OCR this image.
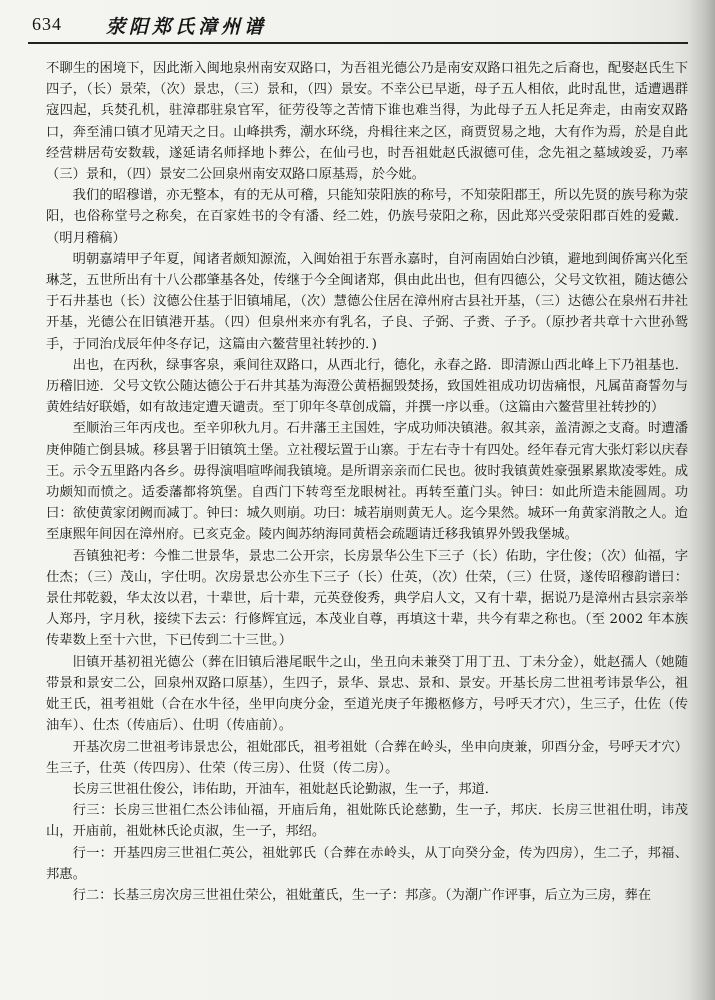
634 荥阳郑氏漳州谱

不聊生的困境下，因此渐入闽地泉州南安双路口，为吾祖光德公乃是南安双路口祖先之后裔也，配娶赵氏生下四子，（长）景荣，（次）景忠，（三）景和，（四）景安。不幸公已早逝，母子五人相依，此时乱世，适遭遇群寇四起，兵焚孔机，驻漳郡驻泉官军，征劳役等之苦情下谁也难当得，为此母子五人托足奔走，由南安双路口，奔至浦口镇才见靖天之日。山峰拱秀，潮水环绕，舟楫往来之区，商贾贸易之地，大有作为焉，於是自此经营耕居苟安数载，遂延请名师择地卜葬公，在仙弓也，时吾祖妣赵氏淑德可佳，念先祖之墓域竣妥，乃率（三）景和，（四）景安二公回泉州南安双路口原基焉，於今妣。

我们的昭穆谱，亦无整本，有的无从可稽，只能知荥阳族的称号，不知荥阳郡王，所以先贤的族号称为荥阳，也俗称堂号之称矣，在百家姓书的令有潘、经二姓，仍族号荥阳之称，因此郑兴受荥阳郡百姓的爱戴．（明月稽稿）

明朝嘉靖甲子年夏，闻诸者颇知源流，入闽始祖于东晋永嘉时，自河南固始白沙镇，避地到闽侨寓兴化至琳芝，五世所出有十八公郡肇基各处，传继于今全闽诸郑，俱由此出也，但有四德公，父号文钦祖，随达德公于石井基也（长）汶德公住基于旧镇埔尾，（次）慧德公住居在漳州府古县社开基，（三）达德公在泉州石井社开基，光德公在旧镇港开基。（四）但泉州来亦有乳名，子良、子弼、子赉、子予。（原抄者共章十六世孙鸳手，于同治戊辰年仲冬存记，这篇由六鳌营里社转抄的．)

出也，在丙秋，绿事客泉，乘间往双路口，从西北行，德化，永春之路．即清源山西北峰上下乃祖基也．历稽旧迹．父号文钦公随达德公于石井其基为海澄公黄梧掘毁焚扬，致国姓祖成功切齿痛恨，凡属苗裔誓勿与黄姓结好联婚，如有故违定遭天谴责。至丁卯年冬草创成篇，并撰一序以垂。（这篇由六鳌营里社转抄的）

至顺治三年丙戌也。至辛卯秋九月。石井藩王主国姓，字成功师决镇港。叙其亲，盖清源之支裔。时遭潘庚伸随亡倒县城。移县署于旧镇筑土堡。立社稷坛置于山寨。于左右寺十有四处。经年春元宵大张灯彩以庆春王。示令五里路内各乡。毋得演唱喧哗闹我镇境。是所谓亲亲而仁民也。彼时我镇黄姓豪强累累欺凌零姓。成功颇知而愤之。适委藩都将筑堡。自西门下转弯至龙眼树社。再转至董门头。钟曰：如此所造未能圆周。功曰：欲使黄家闭阙而减丁。钟曰：城久则崩。功曰：城若崩则黄无人。迄今果然。城环一角黄家消散之人。迨至康熙年间因在漳州府。已亥克金。陵内闽苏纳海同黄梧会疏题请迁移我镇界外毁我堡城。

吾镇独祀考：今惟二世景华，景忠二公开宗，长房景华公生下三子（长）佑助，字仕俊；（次）仙福，字仕杰；（三）茂山，字仕明。次房景忠公亦生下三子（长）仕英，（次）仕荣，（三）仕贤，遂传昭穆韵谱曰：景仕邦乾毅，华太汝以君，十辈世，后十辈，元英登俊秀，典学启人文，又有十辈，据说乃是漳州古县宗亲举人郑丹，字月秋，接续下去云：行修辉宜远，本茂业自尊，再填这十辈，共今有辈之称也。（至 2002 年本族传辈数上至十六世，下已传到二十三世。）

旧镇开基初祖光德公（葬在旧镇后港尾眠牛之山，坐丑向未兼癸丁用丁丑、丁未分金），妣赵孺人（她随带景和景安二公，回泉州双路口原基），生四子，景华、景忠、景和、景安。开基长房二世祖考讳景华公，祖妣王氏，祖考祖妣（合在水牛径，坐甲向庚分金，至道光庚子年搬柩修方，号呼天才穴），生三子，仕佐（传油车）、仕杰（传庙后）、仕明（传庙前）。

开基次房二世祖考讳景忠公，祖妣邵氏，祖考祖妣（合葬在岭头，坐申向庚兼，卯酉分金，号呼天才穴）生三子，仕英（传四房）、仕荣（传三房）、仕贤（传二房）。

长房三世祖仕俊公，讳佑助，开油车，祖妣赵氏论勤淑，生一子，邦道．

行三：长房三世祖仁杰公讳仙福，开庙后角，祖妣陈氏论慈勤，生一子，邦庆．长房三世祖仕明，讳茂山，开庙前，祖妣林氏论贞淑，生一子，邦绍。

行一：开基四房三世祖仁英公，祖妣郭氏（合葬在赤岭头，从丁向癸分金，传为四房），生二子，邦福、邦惠。

行二：长基三房次房三世祖仕荣公，祖妣董氏，生一子：邦彦。（为潮广作评事，后立为三房，葬在
